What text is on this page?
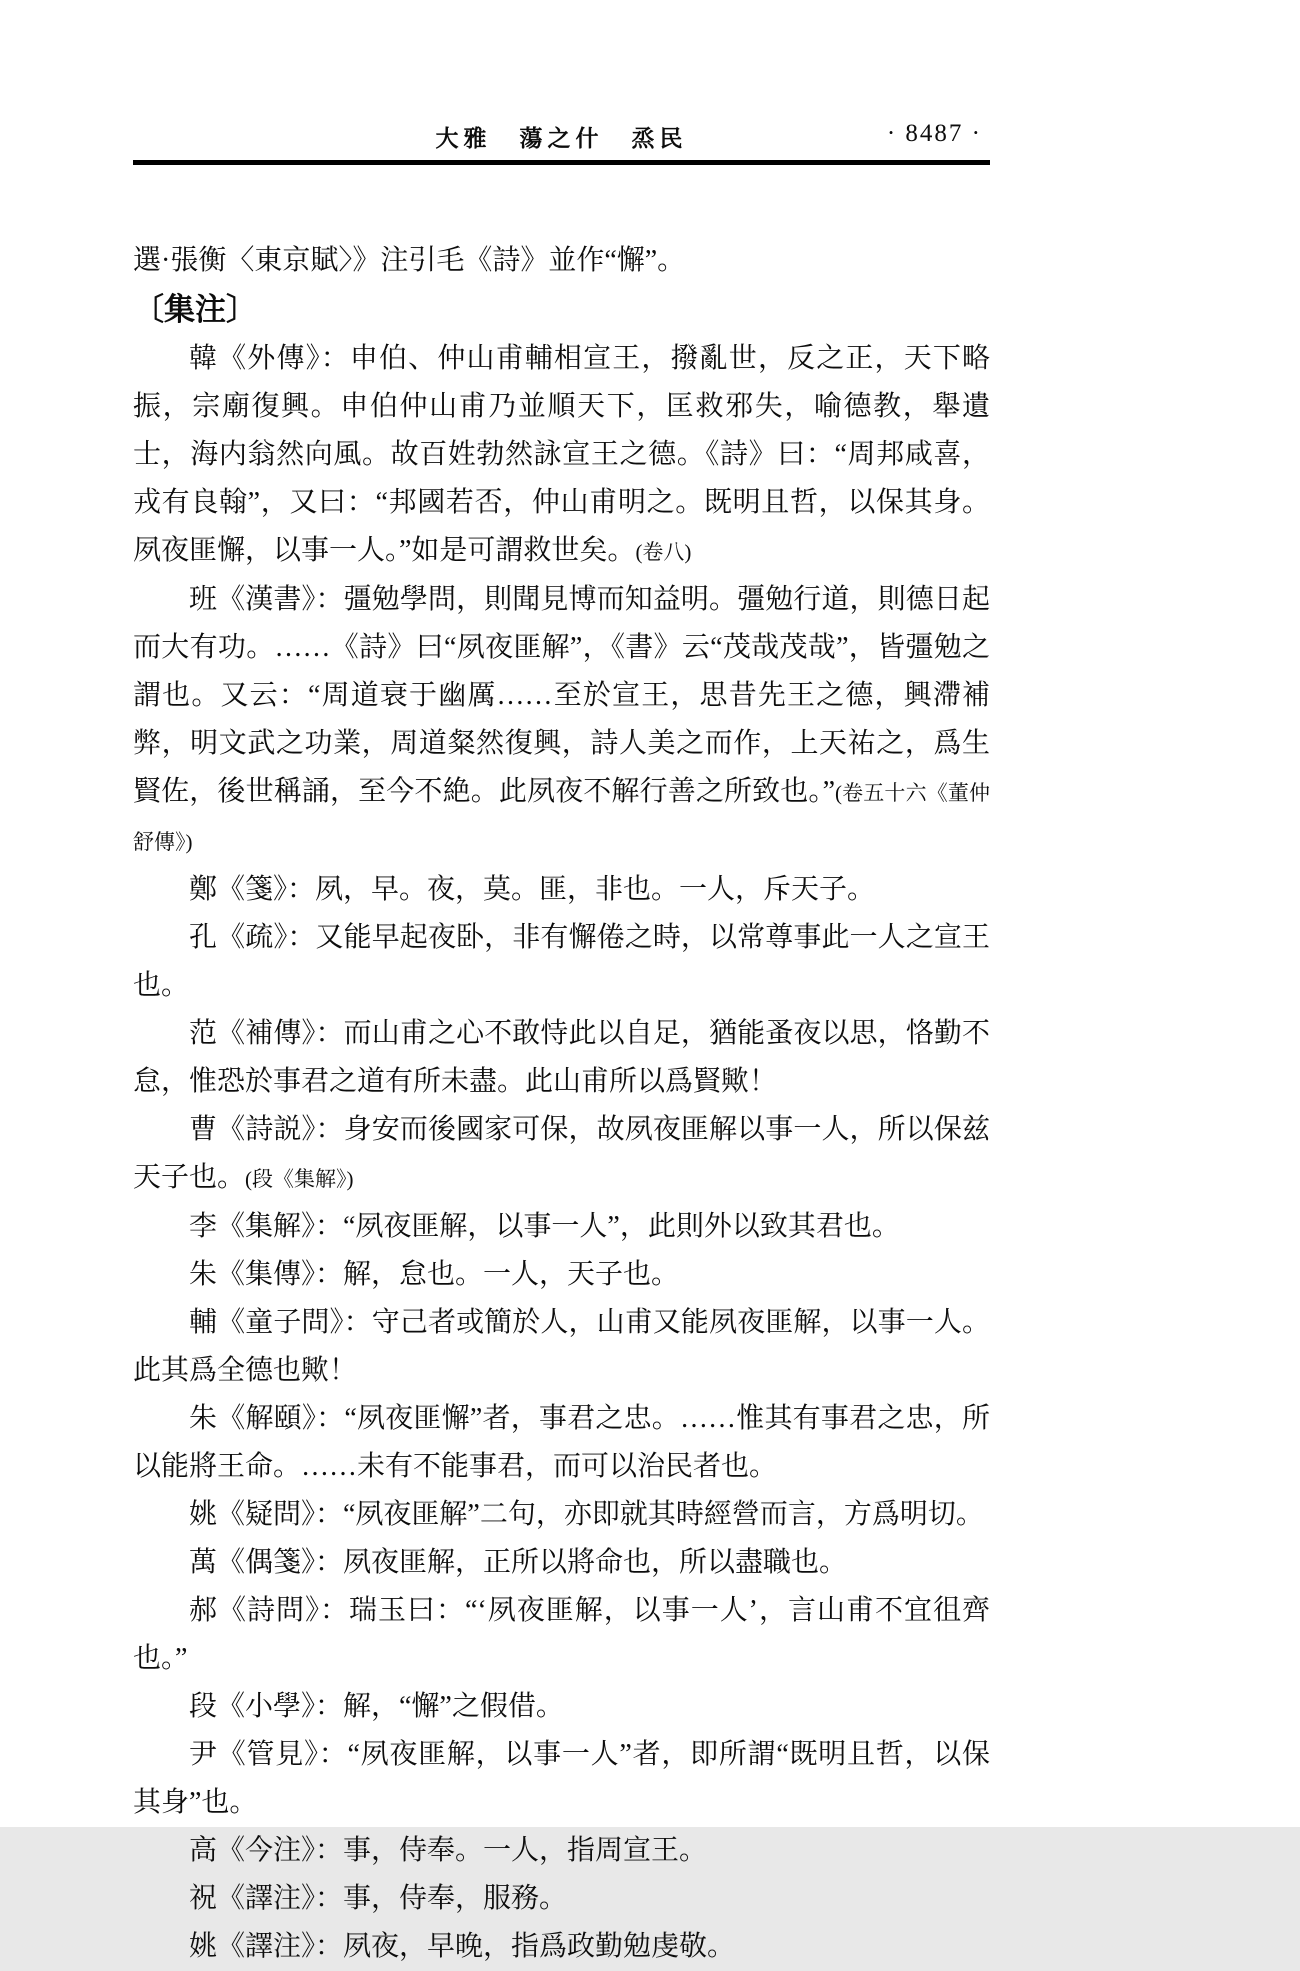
大雅　蕩之什　烝民	· 8487 ·

選·張衡〈東京賦〉》注引毛《詩》並作“懈”。

〔集注〕

韓《外傳》：申伯、仲山甫輔相宣王，撥亂世，反之正，天下略振，宗廟復興。申伯仲山甫乃並順天下，匡救邪失，喻德教，舉遺士，海内翁然向風。故百姓勃然詠宣王之德。《詩》曰：“周邦咸喜，戎有良翰”，又曰：“邦國若否，仲山甫明之。既明且哲，以保其身。夙夜匪懈，以事一人。”如是可謂救世矣。(卷八)

班《漢書》：彊勉學問，則聞見博而知益明。彊勉行道，則德日起而大有功。……《詩》曰“夙夜匪解”，《書》云“茂哉茂哉”，皆彊勉之謂也。又云：“周道衰于幽厲……至於宣王，思昔先王之德，興滯補弊，明文武之功業，周道粲然復興，詩人美之而作，上天祐之，爲生賢佐，後世稱誦，至今不絶。此夙夜不解行善之所致也。”(卷五十六《董仲舒傳》)

鄭《箋》：夙，早。夜，莫。匪，非也。一人，斥天子。

孔《疏》：又能早起夜卧，非有懈倦之時，以常尊事此一人之宣王也。

范《補傳》：而山甫之心不敢恃此以自足，猶能蚤夜以思，恪勤不怠，惟恐於事君之道有所未盡。此山甫所以爲賢歟！

曹《詩説》：身安而後國家可保，故夙夜匪解以事一人，所以保兹天子也。(段《集解》)

李《集解》：“夙夜匪解，以事一人”，此則外以致其君也。

朱《集傳》：解，怠也。一人，天子也。

輔《童子問》：守己者或簡於人，山甫又能夙夜匪解，以事一人。此其爲全德也歟！

朱《解頤》：“夙夜匪懈”者，事君之忠。……惟其有事君之忠，所以能將王命。……未有不能事君，而可以治民者也。

姚《疑問》：“夙夜匪解”二句，亦即就其時經營而言，方爲明切。

萬《偶箋》：夙夜匪解，正所以將命也，所以盡職也。

郝《詩問》：瑞玉曰：“‘夙夜匪解，以事一人’，言山甫不宜徂齊也。”

段《小學》：解，“懈”之假借。

尹《管見》：“夙夜匪解，以事一人”者，即所謂“既明且哲，以保其身”也。

高《今注》：事，侍奉。一人，指周宣王。

祝《譯注》：事，侍奉，服務。

姚《譯注》：夙夜，早晚，指爲政勤勉虔敬。
